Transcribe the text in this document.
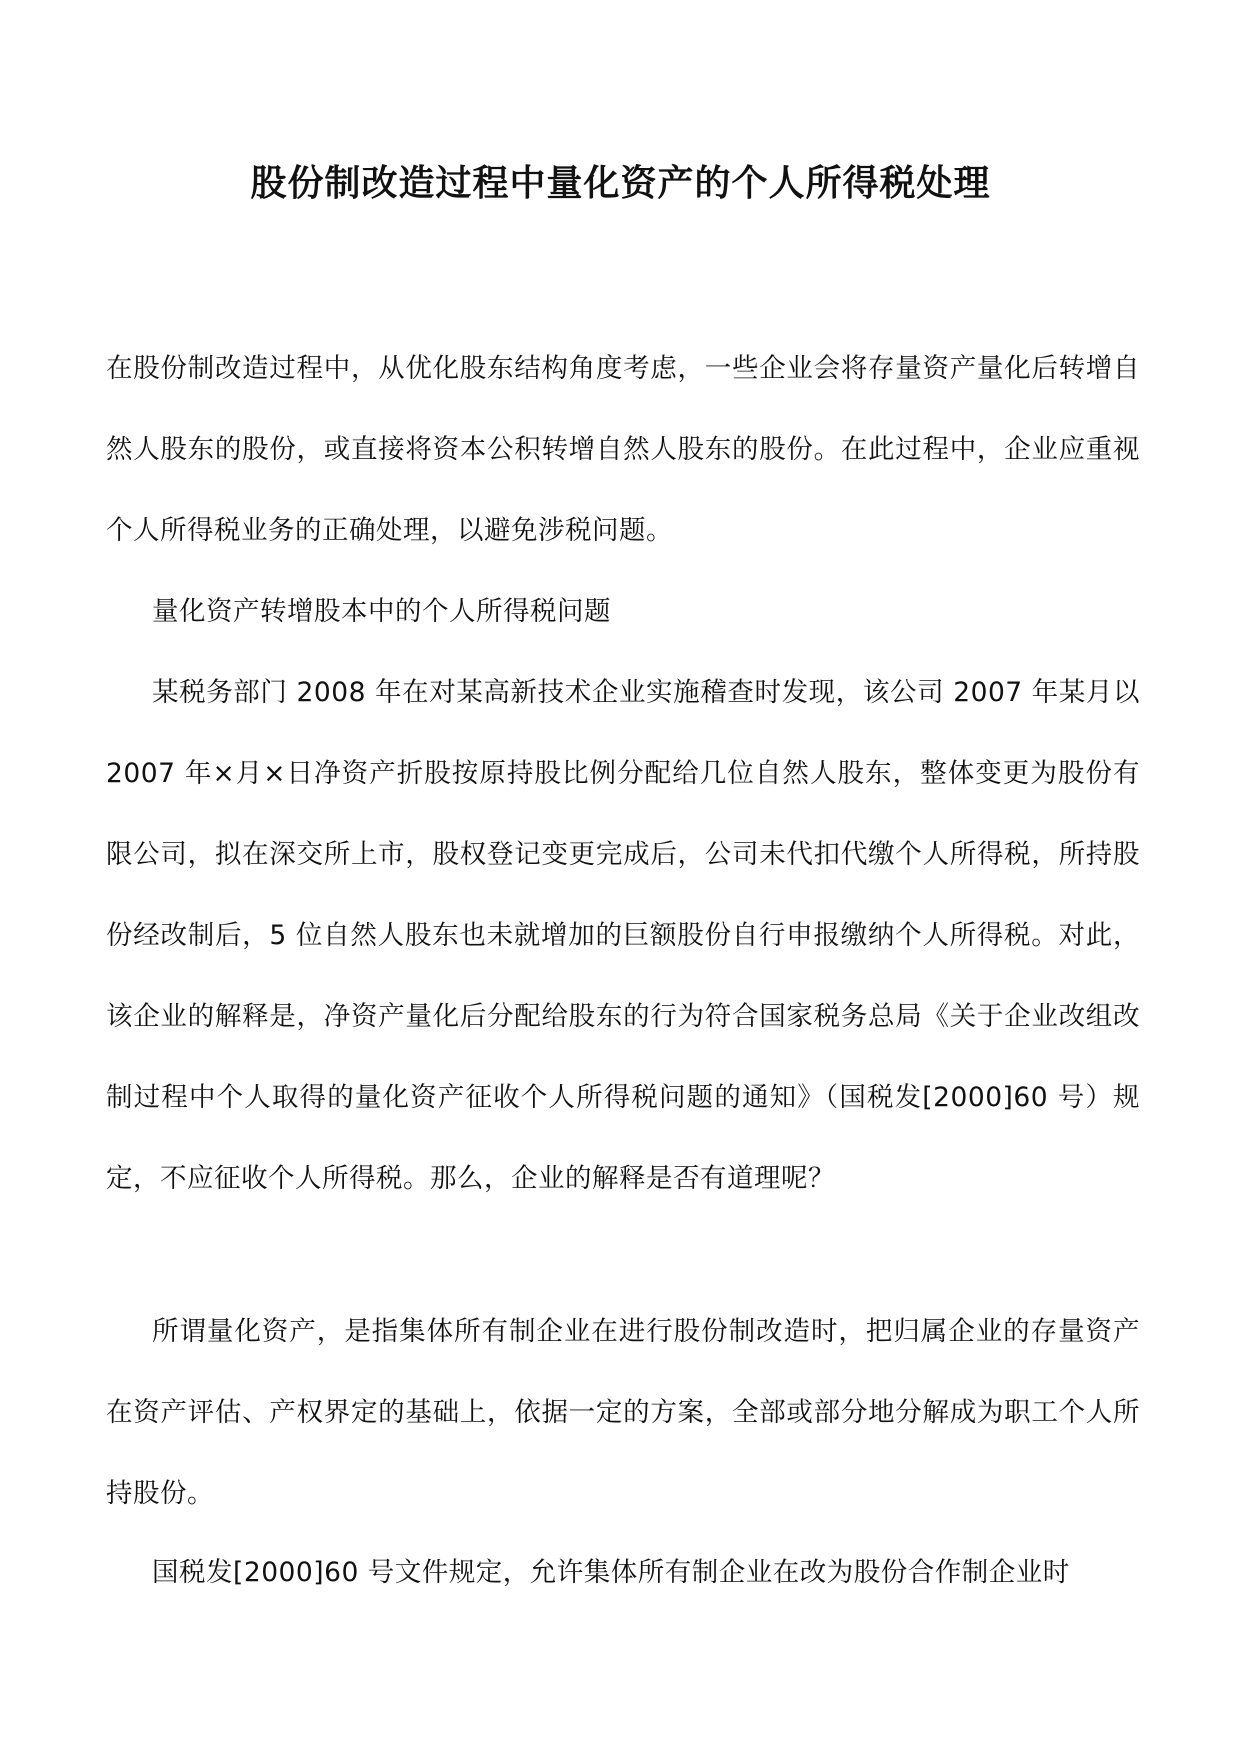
股份制改造过程中量化资产的个人所得税处理

在股份制改造过程中，从优化股东结构角度考虑，一些企业会将存量资产量化后转增自然人股东的股份，或直接将资本公积转增自然人股东的股份。在此过程中，企业应重视个人所得税业务的正确处理，以避免涉税问题。

量化资产转增股本中的个人所得税问题

某税务部门 2008 年在对某高新技术企业实施稽查时发现，该公司 2007 年某月以 2007 年×月×日净资产折股按原持股比例分配给几位自然人股东，整体变更为股份有限公司，拟在深交所上市，股权登记变更完成后，公司未代扣代缴个人所得税，所持股份经改制后，5 位自然人股东也未就增加的巨额股份自行申报缴纳个人所得税。对此，该企业的解释是，净资产量化后分配给股东的行为符合国家税务总局《关于企业改组改制过程中个人取得的量化资产征收个人所得税问题的通知》（国税发[2000]60 号）规定，不应征收个人所得税。那么，企业的解释是否有道理呢？

所谓量化资产，是指集体所有制企业在进行股份制改造时，把归属企业的存量资产在资产评估、产权界定的基础上，依据一定的方案，全部或部分地分解成为职工个人所持股份。

国税发[2000]60 号文件规定，允许集体所有制企业在改为股份合作制企业时
